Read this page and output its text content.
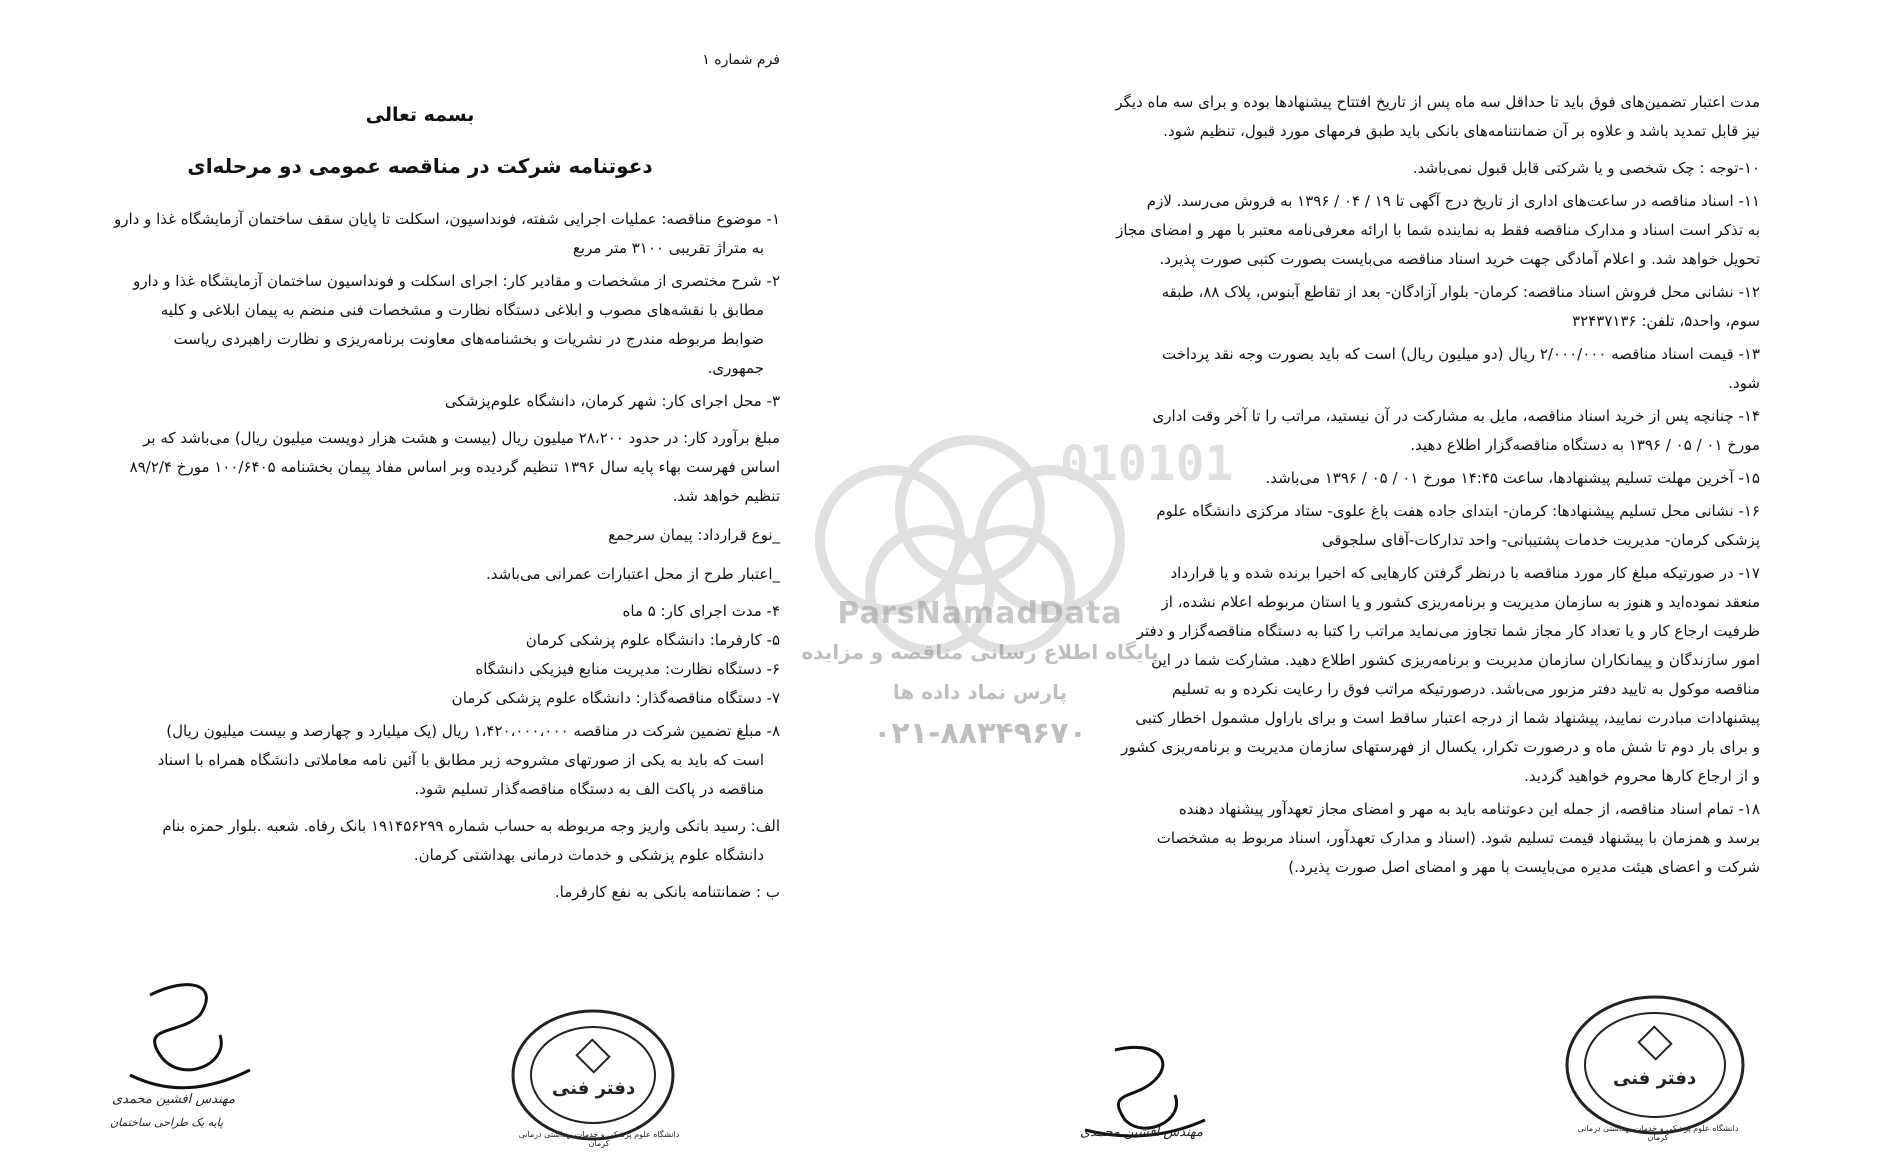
فرم شماره ۱
بسمه تعالی
دعوتنامه شرکت در مناقصه عمومی دو مرحله‌ای

۱- موضوع مناقصه: عملیات اجرایی شفته، فونداسیون، اسکلت تا پایان سقف ساختمان آزمایشگاه غذا و دارو

به متراژ تقریبی ۳۱۰۰ متر مربع

۲- شرح مختصری از مشخصات و مقادیر کار: اجرای اسکلت و فونداسیون ساختمان آزمایشگاه غذا و دارو

مطابق با نقشه‌های مصوب و ابلاغی دستگاه نظارت و مشخصات فنی منضم به پیمان ابلاغی و کلیه

ضوابط مربوطه مندرج در نشریات و بخشنامه‌های معاونت برنامه‌ریزی و نظارت راهبردی ریاست

جمهوری.

۳- محل اجرای کار: شهر کرمان، دانشگاه علوم‌پزشکی

مبلغ برآورد کار: در حدود ۲۸،۲۰۰ میلیون ریال (بیست و هشت هزار دویست میلیون ریال) می‌باشد که بر

اساس فهرست بهاء پایه سال ۱۳۹۶ تنظیم گردیده وبر اساس مفاد پیمان بخشنامه ۱۰۰/۶۴۰۵ مورخ ۸۹/۲/۴

تنظیم خواهد شد.

_نوع قرارداد: پیمان سرجمع

_اعتبار طرح از محل اعتبارات عمرانی می‌باشد.

۴- مدت اجرای کار: ۵ ماه

۵- کارفرما: دانشگاه علوم پزشکی کرمان

۶- دستگاه نظارت: مدیریت منابع فیزیکی دانشگاه

۷- دستگاه مناقصه‌گذار: دانشگاه علوم پزشکی کرمان

۸- مبلغ تضمین شرکت در مناقصه ۱،۴۲۰،۰۰۰،۰۰۰ ریال (یک میلیارد و چهارصد و بیست میلیون ریال)

است که باید به یکی از صورتهای مشروحه زیر مطابق با آئین نامه معاملاتی دانشگاه همراه با اسناد

مناقصه در پاکت الف به دستگاه مناقصه‌گذار تسلیم شود.

الف: رسید بانکی واریز وجه مربوطه به حساب شماره ۱۹۱۴۵۶۲۹۹ بانک رفاه. شعبه .بلوار حمزه بنام

دانشگاه علوم پزشکی و خدمات درمانی بهداشتی کرمان.

ب : ضمانتنامه بانکی به نفع کارفرما.

مدت اعتبار تضمین‌های فوق باید تا حداقل سه ماه پس از تاریخ افتتاح پیشنهادها بوده و برای سه ماه دیگر

نیز قابل تمدید باشد و علاوه بر آن ضمانتنامه‌های بانکی باید طبق فرمهای مورد قبول، تنظیم شود.

۱۰-توجه : چک شخصی و یا شرکتی قابل قبول نمی‌باشد.

۱۱- اسناد مناقصه در ساعت‌های اداری از تاریخ درج آگهی تا ۱۹ / ۰۴ / ۱۳۹۶ به فروش می‌رسد. لازم

به تذکر است اسناد و مدارک مناقصه فقط به نماینده شما با ارائه معرفی‌نامه معتبر با مهر و امضای مجاز

تحویل خواهد شد. و اعلام آمادگی جهت خرید اسناد مناقصه می‌بایست بصورت کتبی صورت پذیرد.

۱۲- نشانی محل فروش اسناد مناقصه: کرمان- بلوار آزادگان- بعد از تقاطع آبنوس، پلاک ۸۸، طبقه

سوم، واحد۵، تلفن: ۳۲۴۳۷۱۳۶

۱۳- قیمت اسناد مناقصه ۲/۰۰۰/۰۰۰ ریال (دو میلیون ریال) است که باید بصورت وجه نقد پرداخت

شود.

۱۴- چنانچه پس از خرید اسناد مناقصه، مایل به مشارکت در آن نیستید، مراتب را تا آخر وقت اداری

مورخ ۰۱ / ۰۵ / ۱۳۹۶ به دستگاه مناقصه‌گزار اطلاع دهید.

۱۵- آخرین مهلت تسلیم پیشنهادها، ساعت ۱۴:۴۵ مورخ ۰۱ / ۰۵ / ۱۳۹۶ می‌باشد.

۱۶- نشانی محل تسلیم پیشنهادها: کرمان- ابتدای جاده هفت باغ علوی- ستاد مرکزی دانشگاه علوم

پزشکی کرمان- مدیریت خدمات پشتیبانی- واحد تدارکات-آقای سلجوقی

۱۷- در صورتیکه مبلغ کار مورد مناقصه با درنظر گرفتن کارهایی که اخیرا برنده شده و یا قرارداد

منعقد نموده‌اید و هنوز به سازمان مدیریت و برنامه‌ریزی کشور و یا استان مربوطه اعلام نشده، از

ظرفیت ارجاع کار و یا تعداد کار مجاز شما تجاوز می‌نماید مراتب را کتبا به دستگاه مناقصه‌گزار و دفتر

امور سازندگان و پیمانکاران سازمان مدیریت و برنامه‌ریزی کشور اطلاع دهید. مشارکت شما در این

مناقصه موکول به تایید دفتر مزبور می‌باشد. درصورتیکه مراتب فوق را رعایت نکرده و به تسلیم

پیشنهادات مبادرت نمایید، پیشنهاد شما از درجه اعتبار ساقط است و برای باراول مشمول اخطار کتبی

و برای بار دوم تا شش ماه و درصورت تکرار، یکسال از فهرستهای سازمان مدیریت و برنامه‌ریزی کشور

و از ارجاع کارها محروم خواهید گردید.

۱۸- تمام اسناد مناقصه، از جمله این دعوتنامه باید به مهر و امضای مجاز تعهدآور پیشنهاد دهنده

برسد و همزمان با پیشنهاد قیمت تسلیم شود. (اسناد و مدارک تعهدآور، اسناد مربوط به مشخصات

شرکت و اعضای هیئت مدیره می‌بایست با مهر و امضای اصل صورت پذیرد.)

010101
ParsNamadData
پایگاه اطلاع رسانی مناقصه و مزایده
پارس نماد داده ها
۰۲۱-۸۸۳۴۹۶۷۰
مهندس افشین محمدی
پایه یک طراحی ساختمان
دفتر فنی
دانشگاه علوم پزشکی و خدمات بهداشتی درمانی کرمان
مهندس افشین محمدی
دفتر فنی
دانشگاه علوم پزشکی و خدمات بهداشتی درمانی کرمان
